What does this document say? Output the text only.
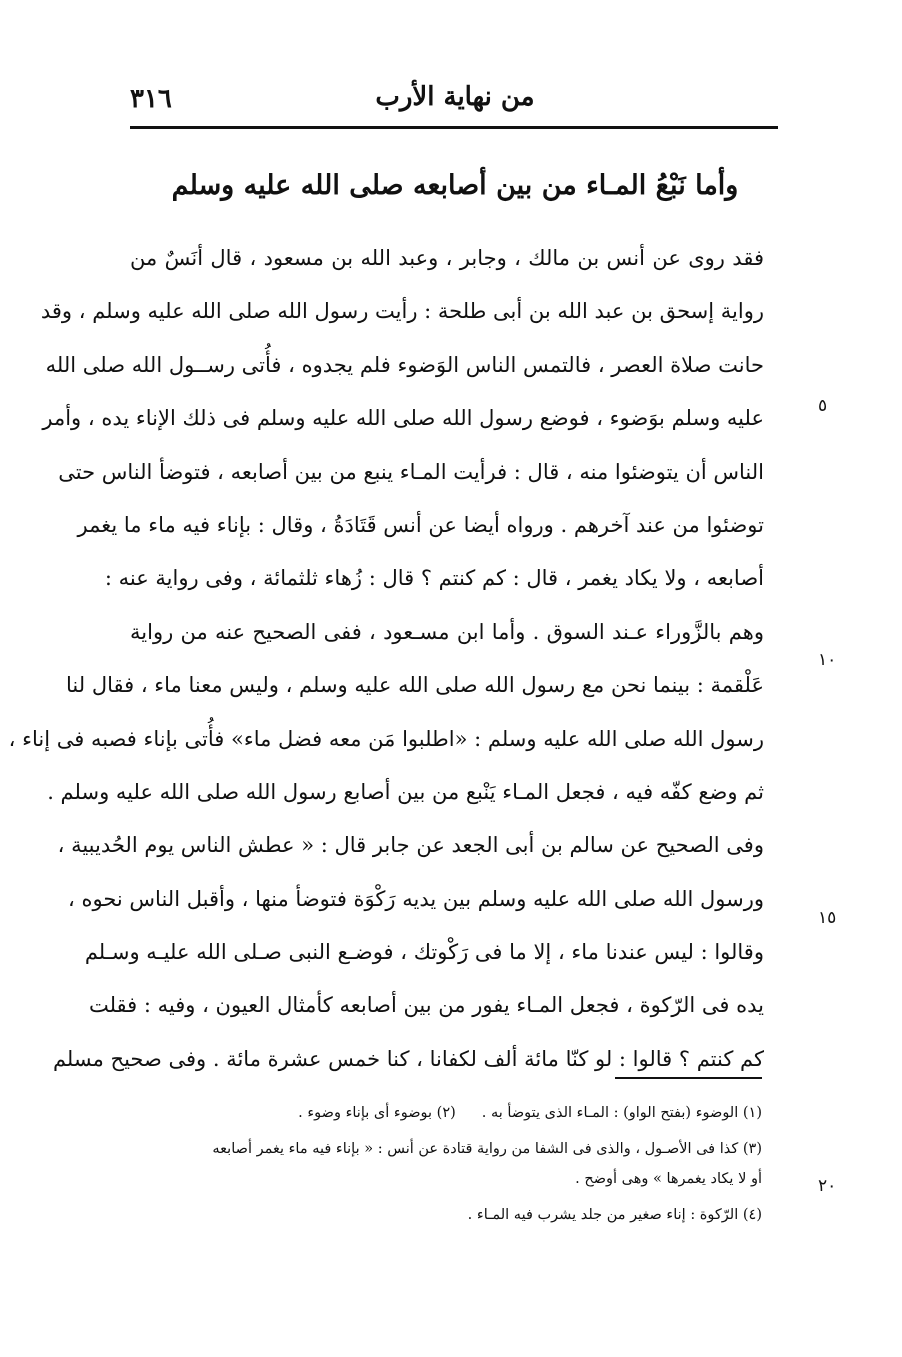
٣١٦	من نهاية الأرب
وأما نَبْعُ المـاء من بين أصابعه صلى الله عليه وسلم
فقد روى عن أنس بن مالك ، وجابر ، وعبد الله بن مسعود ، قال أنَسٌ من
رواية إسحق بن عبد الله بن أبى طلحة : رأيت رسول الله صلى الله عليه وسلم ، وقد
حانت صلاة العصر ، فالتمس الناس الوَضوء فلم يجدوه ، فأُتى رســول الله صلى الله
عليه وسلم بوَضوء ، فوضع رسول الله صلى الله عليه وسلم فى ذلك الإناء يده ، وأمر
الناس أن يتوضئوا منه ، قال : فرأيت المـاء ينبع من بين أصابعه ، فتوضأ الناس حتى
توضئوا من عند آخرهم . ورواه أيضا عن أنس قَتَادَةُ ، وقال : بإناء فيه ماء ما يغمر
أصابعه ، ولا يكاد يغمر ، قال : كم كنتم ؟ قال : زُهاء ثلثمائة ، وفى رواية عنه :
وهم بالزَّوراء عـند السوق . وأما ابن مسـعود ، ففى الصحيح عنه من رواية
عَلْقمة : بينما نحن مع رسول الله صلى الله عليه وسلم ، وليس معنا ماء ، فقال لنا
رسول الله صلى الله عليه وسلم : «اطلبوا مَن معه فضل ماء» فأُتى بإناء فصبه فى إناء ،
ثم وضع كفّه فيه ، فجعل المـاء يَنْبع من بين أصابع رسول الله صلى الله عليه وسلم .
وفى الصحيح عن سالم بن أبى الجعد عن جابر قال : « عطش الناس يوم الحُديبية ،
ورسول الله صلى الله عليه وسلم بين يديه رَكْوَة فتوضأ منها ، وأقبل الناس نحوه ،
وقالوا : ليس عندنا ماء ، إلا ما فى رَكْوتك ، فوضـع النبى صـلى الله عليـه وسـلم
يده فى الرّكوة ، فجعل المـاء يفور من بين أصابعه كأمثال العيون ، وفيه : فقلت
كم كنتم ؟ قالوا : لو كنّا مائة ألف لكفانا ، كنا خمس عشرة مائة . وفى صحيح مسلم
٥
١٠
١٥
٢٠
(١) الوضوء (بفتح الواو) : المـاء الذى يتوضأ به .
(٢) بوضوء أى بإناء وضوء .
(٣) كذا فى الأصـول ، والذى فى الشفا من رواية قتادة عن أنس : « بإناء فيه ماء يغمر أصابعه
أو لا يكاد يغمرها » وهى أوضح .
(٤) الرّكوة : إناء صغير من جلد يشرب فيه المـاء .
